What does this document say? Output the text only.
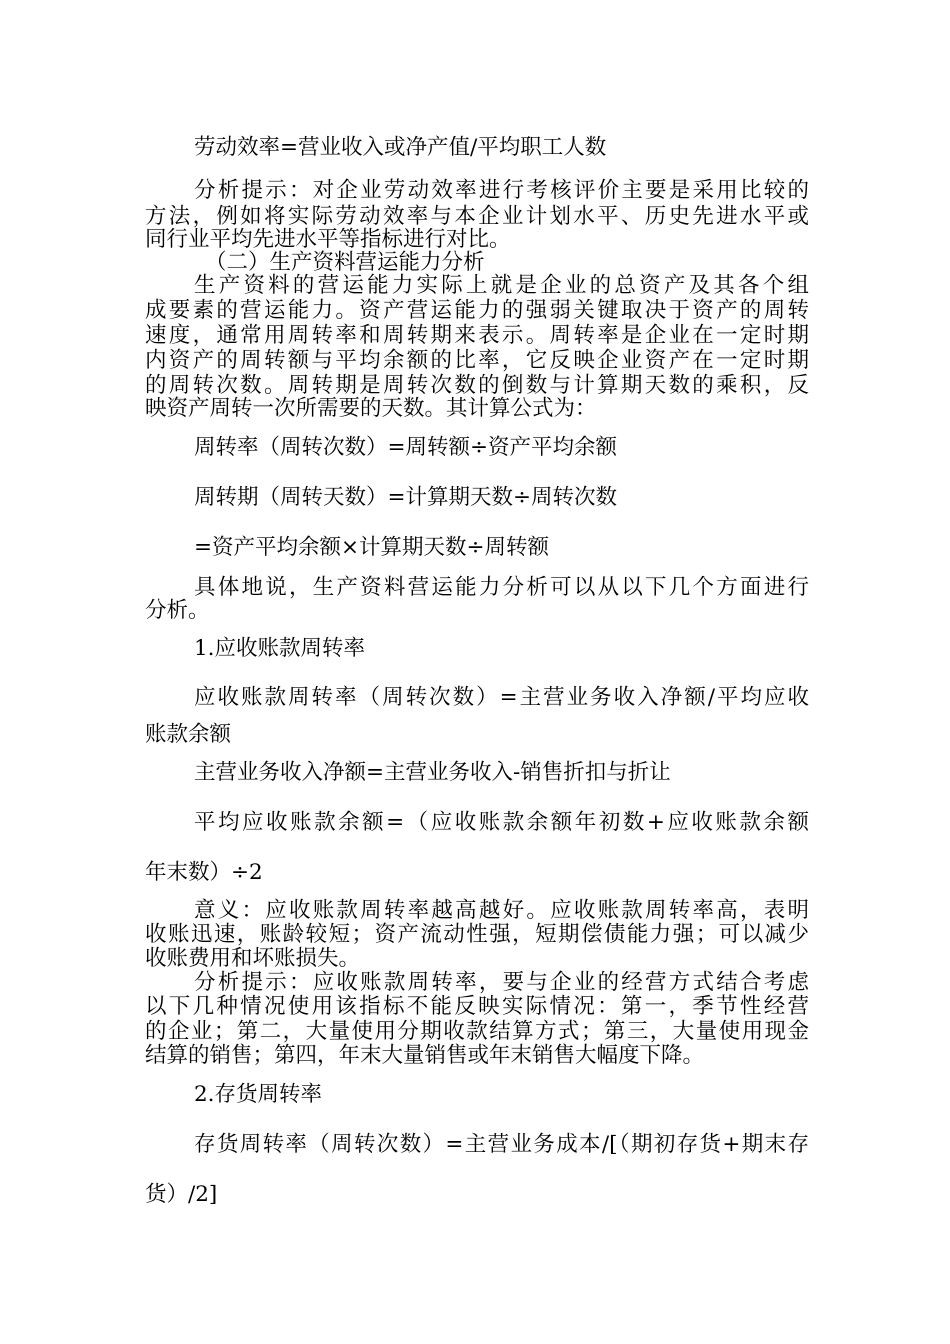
劳动效率=营业收入或净产值/平均职工人数
分析提示：对企业劳动效率进行考核评价主要是采用比较的
方法，例如将实际劳动效率与本企业计划水平、历史先进水平或
同行业平均先进水平等指标进行对比。
（二）生产资料营运能力分析
生产资料的营运能力实际上就是企业的总资产及其各个组
成要素的营运能力。资产营运能力的强弱关键取决于资产的周转
速度，通常用周转率和周转期来表示。周转率是企业在一定时期
内资产的周转额与平均余额的比率，它反映企业资产在一定时期
的周转次数。周转期是周转次数的倒数与计算期天数的乘积，反
映资产周转一次所需要的天数。其计算公式为：
周转率（周转次数）=周转额÷资产平均余额
周转期（周转天数）=计算期天数÷周转次数
=资产平均余额×计算期天数÷周转额
具体地说，生产资料营运能力分析可以从以下几个方面进行
分析。
1.应收账款周转率
应收账款周转率（周转次数）=主营业务收入净额/平均应收
账款余额
主营业务收入净额=主营业务收入-销售折扣与折让
平均应收账款余额=（应收账款余额年初数+应收账款余额
年末数）÷2
意义：应收账款周转率越高越好。应收账款周转率高，表明
收账迅速，账龄较短；资产流动性强，短期偿债能力强；可以减少
收账费用和坏账损失。
分析提示：应收账款周转率，要与企业的经营方式结合考虑
以下几种情况使用该指标不能反映实际情况：第一，季节性经营
的企业；第二，大量使用分期收款结算方式；第三，大量使用现金
结算的销售；第四，年末大量销售或年末销售大幅度下降。
2.存货周转率
存货周转率（周转次数）=主营业务成本/[（期初存货+期末存
货）/2]
